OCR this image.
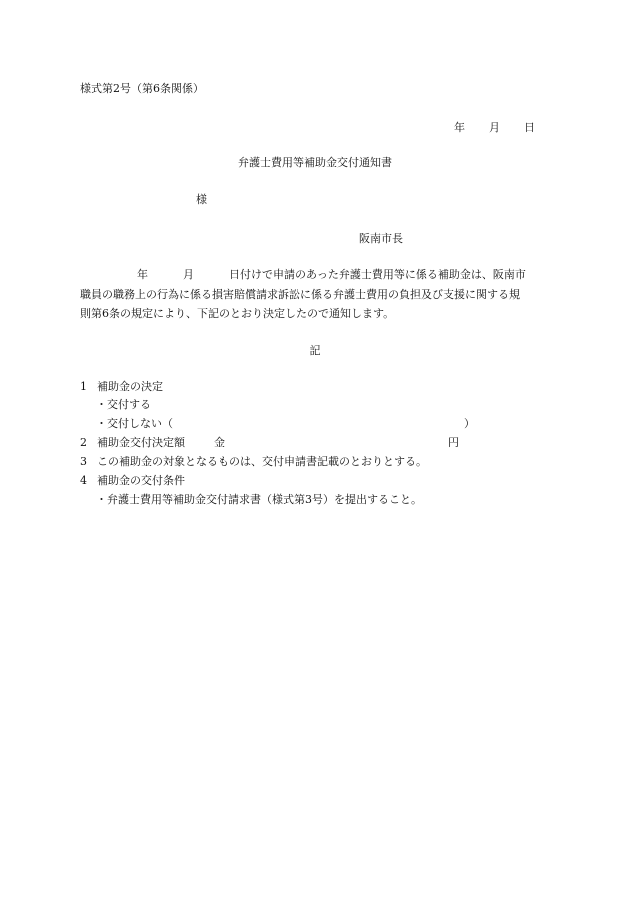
様式第2号（第6条関係）
年 月 日
弁護士費用等補助金交付通知書
様
阪南市長
年	月	日付けで申請のあった弁護士費用等に係る補助金は、阪南市
職員の職務上の行為に係る損害賠償請求訴訟に係る弁護士費用の負担及び支援に関する規
則第6条の規定により、下記のとおり決定したので通知します。
記
1 補助金の決定
・交付する
・交付しない（	）
2 補助金交付決定額	金	円
3 この補助金の対象となるものは、交付申請書記載のとおりとする。
4 補助金の交付条件
・弁護士費用等補助金交付請求書（様式第3号）を提出すること。
